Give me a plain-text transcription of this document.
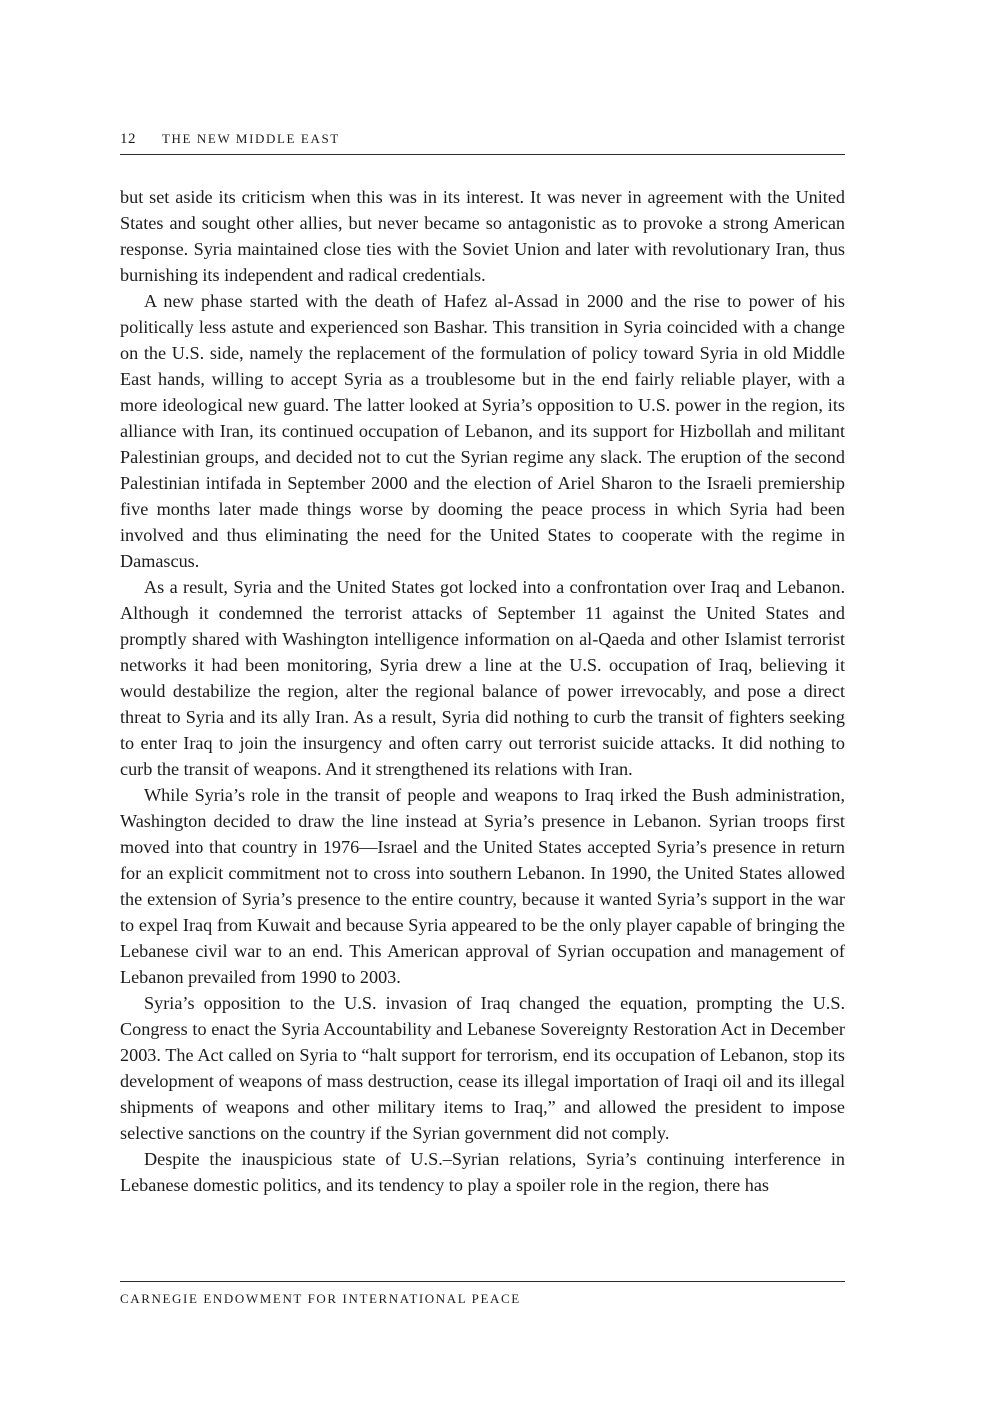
12 THE NEW MIDDLE EAST

but set aside its criticism when this was in its interest. It was never in agreement with the United States and sought other allies, but never became so antagonistic as to provoke a strong American response. Syria maintained close ties with the Soviet Union and later with revolutionary Iran, thus burnishing its independent and radical credentials.

A new phase started with the death of Hafez al-Assad in 2000 and the rise to power of his politically less astute and experienced son Bashar. This transition in Syria coincided with a change on the U.S. side, namely the replacement of the formulation of policy toward Syria in old Middle East hands, willing to accept Syria as a troublesome but in the end fairly reliable player, with a more ideological new guard. The latter looked at Syria’s opposition to U.S. power in the region, its alliance with Iran, its continued occupation of Lebanon, and its support for Hizbollah and militant Palestinian groups, and decided not to cut the Syrian regime any slack. The eruption of the second Palestinian intifada in September 2000 and the election of Ariel Sharon to the Israeli premiership five months later made things worse by dooming the peace process in which Syria had been involved and thus eliminating the need for the United States to cooperate with the regime in Damascus.

As a result, Syria and the United States got locked into a confrontation over Iraq and Lebanon. Although it condemned the terrorist attacks of September 11 against the United States and promptly shared with Washington intelligence information on al-Qaeda and other Islamist terrorist networks it had been monitoring, Syria drew a line at the U.S. occupation of Iraq, believing it would destabilize the region, alter the regional balance of power irrevocably, and pose a direct threat to Syria and its ally Iran. As a result, Syria did nothing to curb the transit of fighters seeking to enter Iraq to join the insurgency and often carry out terrorist suicide attacks. It did nothing to curb the transit of weapons. And it strengthened its relations with Iran.

While Syria’s role in the transit of people and weapons to Iraq irked the Bush administration, Washington decided to draw the line instead at Syria’s presence in Lebanon. Syrian troops first moved into that country in 1976—Israel and the United States accepted Syria’s presence in return for an explicit commitment not to cross into southern Lebanon. In 1990, the United States allowed the extension of Syria’s presence to the entire country, because it wanted Syria’s support in the war to expel Iraq from Kuwait and because Syria appeared to be the only player capable of bringing the Lebanese civil war to an end. This American approval of Syrian occupation and management of Lebanon prevailed from 1990 to 2003.

Syria’s opposition to the U.S. invasion of Iraq changed the equation, prompting the U.S. Congress to enact the Syria Accountability and Lebanese Sovereignty Restoration Act in December 2003. The Act called on Syria to “halt support for terrorism, end its occupation of Lebanon, stop its development of weapons of mass destruction, cease its illegal importation of Iraqi oil and its illegal shipments of weapons and other military items to Iraq,” and allowed the president to impose selective sanctions on the country if the Syrian government did not comply.

Despite the inauspicious state of U.S.–Syrian relations, Syria’s continuing interference in Lebanese domestic politics, and its tendency to play a spoiler role in the region, there has

CARNEGIE ENDOWMENT FOR INTERNATIONAL PEACE
